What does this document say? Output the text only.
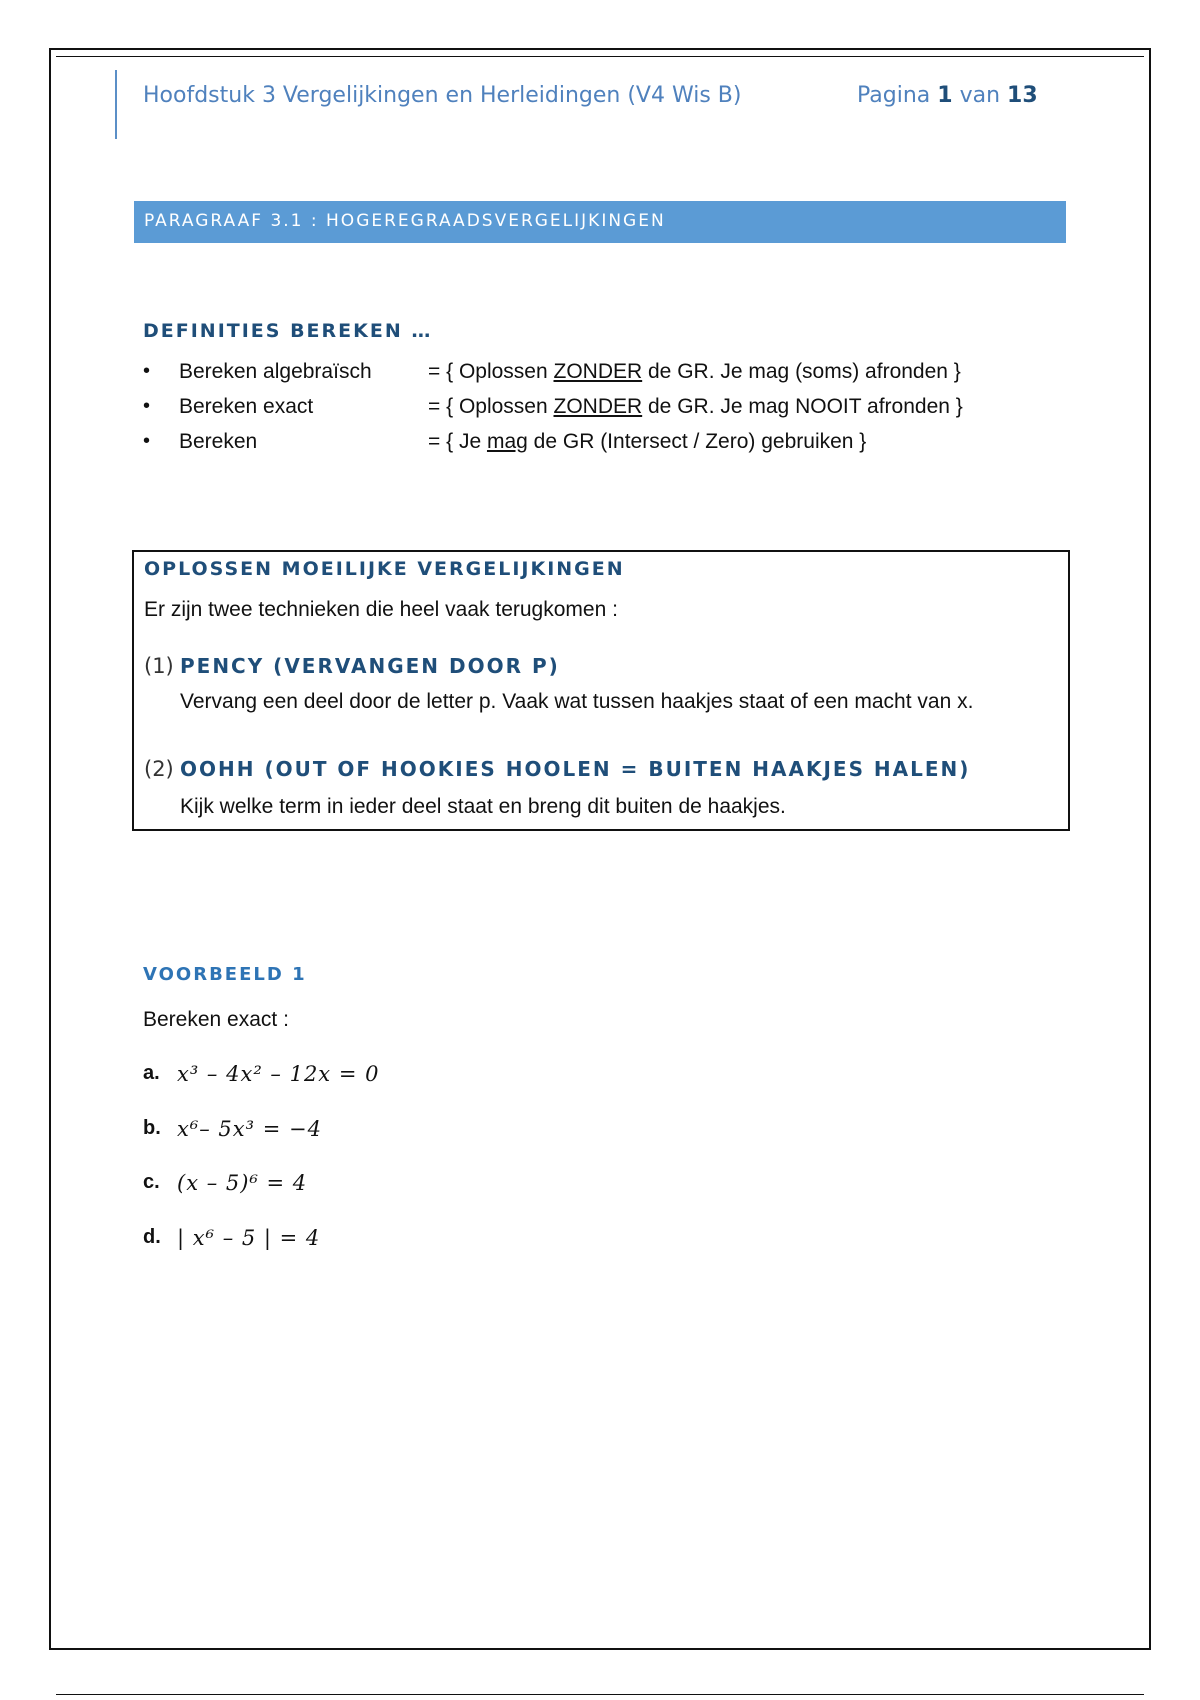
Hoofdstuk 3 Vergelijkingen en Herleidingen (V4 Wis B)	Pagina 1 van 13
PARAGRAAF 3.1 : HOGEREGRAADSVERGELIJKINGEN
DEFINITIES BEREKEN …
• Bereken algebraïsch	= { Oplossen ZONDER de GR. Je mag (soms) afronden }
• Bereken exact	= { Oplossen ZONDER de GR. Je mag NOOIT afronden }
• Bereken	= { Je mag de GR (Intersect / Zero) gebruiken }
OPLOSSEN MOEILIJKE VERGELIJKINGEN
Er zijn twee technieken die heel vaak terugkomen :
(1) PENCY (VERVANGEN DOOR P)
Vervang een deel door de letter p. Vaak wat tussen haakjes staat of een macht van x.
(2) OOHH (OUT OF HOOKIES HOOLEN = BUITEN HAAKJES HALEN)
Kijk welke term in ieder deel staat en breng dit buiten de haakjes.
VOORBEELD 1
Bereken exact :
a. x³ – 4x² – 12x = 0
b. x⁶– 5x³ = −4
c. (x – 5)⁶ = 4
d. | x⁶ – 5 | = 4
